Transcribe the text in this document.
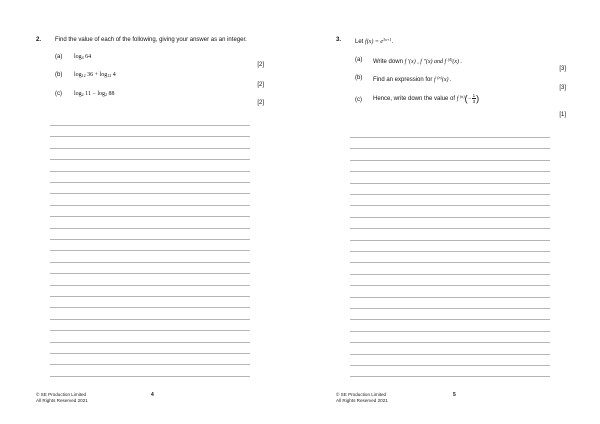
2. Find the value of each of the following, giving your answer as an integer.
(a) $\log_4 64$
[2]
(b) $\log_{12} 36 + \log_{12} 4$
[2]
(c) $\log_2 11 - \log_2 88$
[2]
© SE Production Limited
All Rights Reserved 2021
4
3. Let $f(x) = e^{3x+1}$.
(a) Write down f ′(x) , f ″(x) and f $^{(4)}$(x) .
[3]
(b) Find an expression for f $^{(n)}$(x) .
[3]
(c) Hence, write down the value of f $^{(n)}(- \frac{1}{3}$ )
[1]
© SE Production Limited
All Rights Reserved 2021
5
